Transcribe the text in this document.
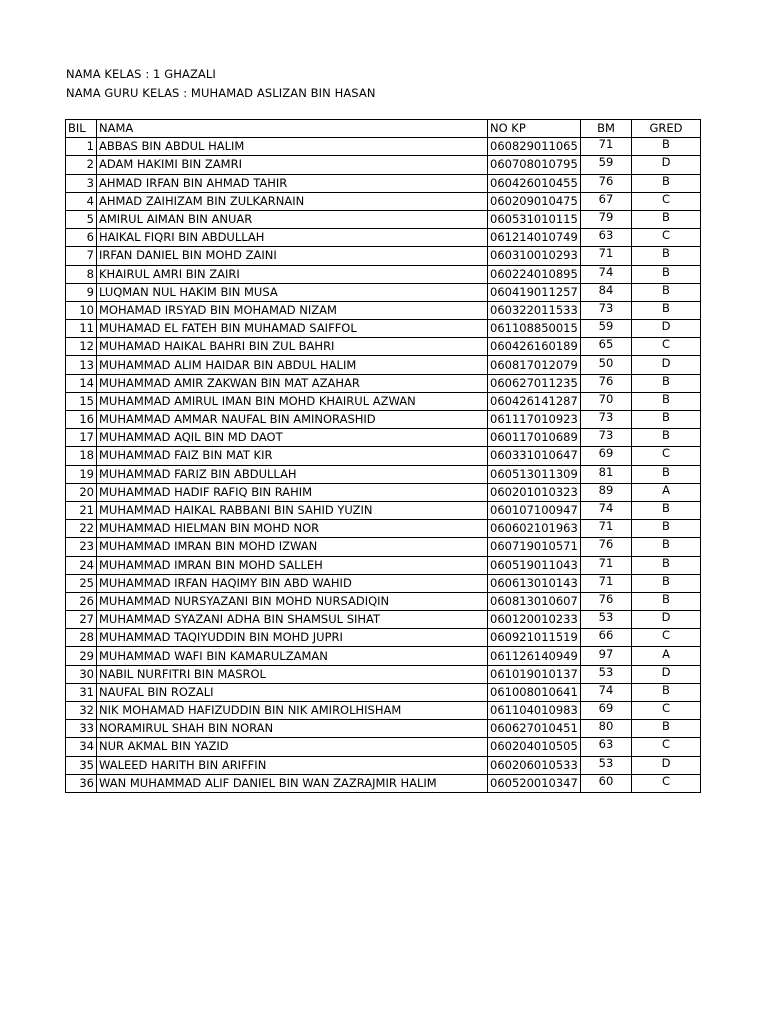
NAMA KELAS : 1 GHAZALI
NAMA GURU KELAS : MUHAMAD ASLIZAN BIN HASAN
BIL	NAMA	NO KP	BM	GRED
1	ABBAS BIN ABDUL HALIM	060829011065	71	B
2	ADAM HAKIMI BIN ZAMRI	060708010795	59	D
3	AHMAD IRFAN BIN AHMAD TAHIR	060426010455	76	B
4	AHMAD ZAIHIZAM BIN ZULKARNAIN	060209010475	67	C
5	AMIRUL AIMAN BIN ANUAR	060531010115	79	B
6	HAIKAL FIQRI BIN ABDULLAH	061214010749	63	C
7	IRFAN DANIEL BIN MOHD ZAINI	060310010293	71	B
8	KHAIRUL AMRI BIN ZAIRI	060224010895	74	B
9	LUQMAN NUL HAKIM BIN MUSA	060419011257	84	B
10	MOHAMAD IRSYAD BIN MOHAMAD NIZAM	060322011533	73	B
11	MUHAMAD EL FATEH BIN MUHAMAD SAIFFOL	061108850015	59	D
12	MUHAMAD HAIKAL BAHRI BIN ZUL BAHRI	060426160189	65	C
13	MUHAMMAD ALIM HAIDAR BIN ABDUL HALIM	060817012079	50	D
14	MUHAMMAD AMIR ZAKWAN BIN MAT AZAHAR	060627011235	76	B
15	MUHAMMAD AMIRUL IMAN BIN MOHD KHAIRUL AZWAN	060426141287	70	B
16	MUHAMMAD AMMAR NAUFAL BIN AMINORASHID	061117010923	73	B
17	MUHAMMAD AQIL BIN MD DAOT	060117010689	73	B
18	MUHAMMAD FAIZ BIN MAT KIR	060331010647	69	C
19	MUHAMMAD FARIZ BIN ABDULLAH	060513011309	81	B
20	MUHAMMAD HADIF RAFIQ BIN RAHIM	060201010323	89	A
21	MUHAMMAD HAIKAL RABBANI BIN SAHID YUZIN	060107100947	74	B
22	MUHAMMAD HIELMAN BIN MOHD NOR	060602101963	71	B
23	MUHAMMAD IMRAN BIN MOHD IZWAN	060719010571	76	B
24	MUHAMMAD IMRAN BIN MOHD SALLEH	060519011043	71	B
25	MUHAMMAD IRFAN HAQIMY BIN ABD WAHID	060613010143	71	B
26	MUHAMMAD NURSYAZANI BIN MOHD NURSADIQIN	060813010607	76	B
27	MUHAMMAD SYAZANI ADHA BIN SHAMSUL SIHAT	060120010233	53	D
28	MUHAMMAD TAQIYUDDIN BIN MOHD JUPRI	060921011519	66	C
29	MUHAMMAD WAFI BIN KAMARULZAMAN	061126140949	97	A
30	NABIL NURFITRI BIN MASROL	061019010137	53	D
31	NAUFAL BIN ROZALI	061008010641	74	B
32	NIK MOHAMAD HAFIZUDDIN BIN NIK AMIROLHISHAM	061104010983	69	C
33	NORAMIRUL SHAH BIN NORAN	060627010451	80	B
34	NUR AKMAL BIN YAZID	060204010505	63	C
35	WALEED HARITH BIN ARIFFIN	060206010533	53	D
36	WAN MUHAMMAD ALIF DANIEL BIN WAN ZAZRAJMIR HALIM	060520010347	60	C
